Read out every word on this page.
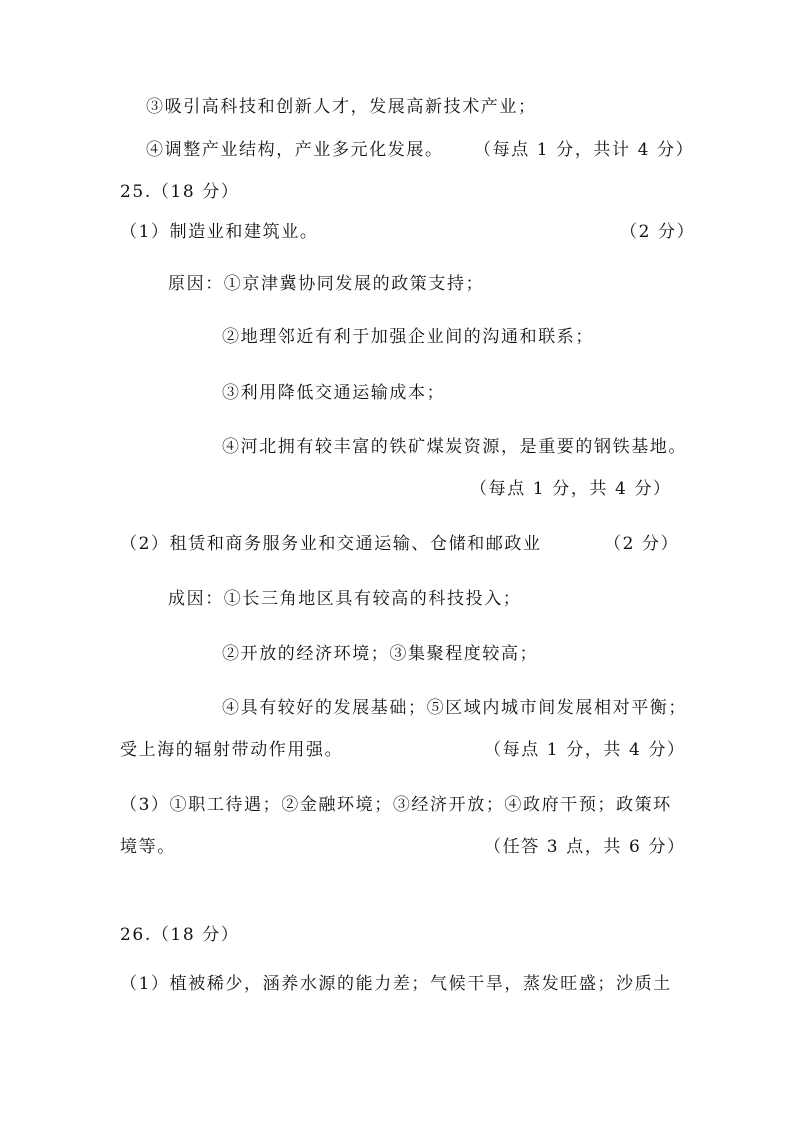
③吸引高科技和创新人才，发展高新技术产业；
④调整产业结构，产业多元化发展。 （每点 1 分，共计 4 分）
25.（18 分）
（1）制造业和建筑业。	（2 分）
原因：①京津冀协同发展的政策支持；
②地理邻近有利于加强企业间的沟通和联系；
③利用降低交通运输成本；
④河北拥有较丰富的铁矿煤炭资源，是重要的钢铁基地。
（每点 1 分，共 4 分）
（2）租赁和商务服务业和交通运输、仓储和邮政业	（2 分）
成因：①长三角地区具有较高的科技投入；
②开放的经济环境；③集聚程度较高；
④具有较好的发展基础；⑤区域内城市间发展相对平衡；
受上海的辐射带动作用强。	（每点 1 分，共 4 分）
（3）①职工待遇；②金融环境；③经济开放；④政府干预；政策环
境等。	（任答 3 点，共 6 分）
26.（18 分）
（1）植被稀少，涵养水源的能力差；气候干旱，蒸发旺盛；沙质土
